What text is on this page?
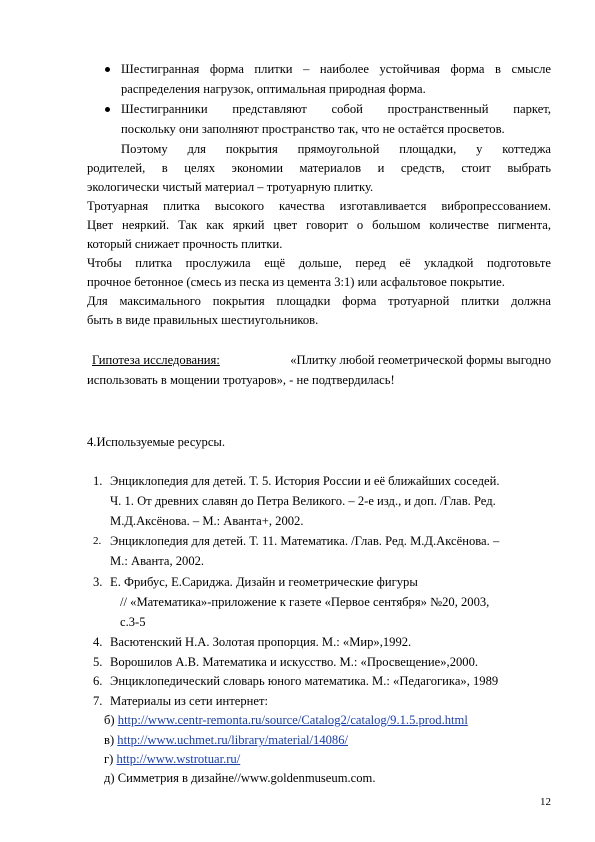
Шестигранная форма плитки – наиболее устойчивая форма в смысле
распределения нагрузок, оптимальная природная форма.
Шестигранники представляют собой пространственный паркет,
поскольку они заполняют пространство так, что не остаётся просветов.
Поэтому для покрытия прямоугольной площадки, у коттеджа
родителей, в целях экономии материалов и средств, стоит выбрать
экологически чистый материал – тротуарную плитку.
Тротуарная плитка высокого качества изготавливается вибропрессованием.
Цвет неяркий. Так как яркий цвет говорит о большом количестве пигмента,
который снижает прочность плитки.
Чтобы плитка прослужила ещё дольше, перед её укладкой подготовьте
прочное бетонное (смесь из песка из цемента 3:1) или асфальтовое покрытие.
Для максимального покрытия площадки форма тротуарной плитки должна
быть в виде правильных шестиугольников.
Гипотеза исследования:	«Плитку любой геометрической формы выгодно
использовать в мощении тротуаров», - не подтвердилась!
4.Используемые ресурсы.
1. Энциклопедия для детей. Т. 5. История России и её ближайших соседей.
Ч. 1. От древних славян до Петра Великого. – 2-е изд., и доп. /Глав. Ред.
М.Д.Аксёнова. – М.: Аванта+, 2002.
2. Энциклопедия для детей. Т. 11. Математика. /Глав. Ред. М.Д.Аксёнова. –
М.: Аванта, 2002.
3. Е. Фрибус, Е.Сариджа. Дизайн и геометрические фигуры
// «Математика»-приложение к газете «Первое сентября» №20, 2003,
с.3-5
4. Васютенский Н.А. Золотая пропорция. М.: «Мир»,1992.
5. Ворошилов А.В. Математика и искусство. М.: «Просвещение»,2000.
6. Энциклопедический словарь юного математика. М.: «Педагогика», 1989
7. Материалы из сети интернет:
б) http://www.centr-remonta.ru/source/Catalog2/catalog/9.1.5.prod.html
в) http://www.uchmet.ru/library/material/14086/
г) http://www.wstrotuar.ru/
д) Симметрия в дизайне//www.goldenmuseum.com.
12
